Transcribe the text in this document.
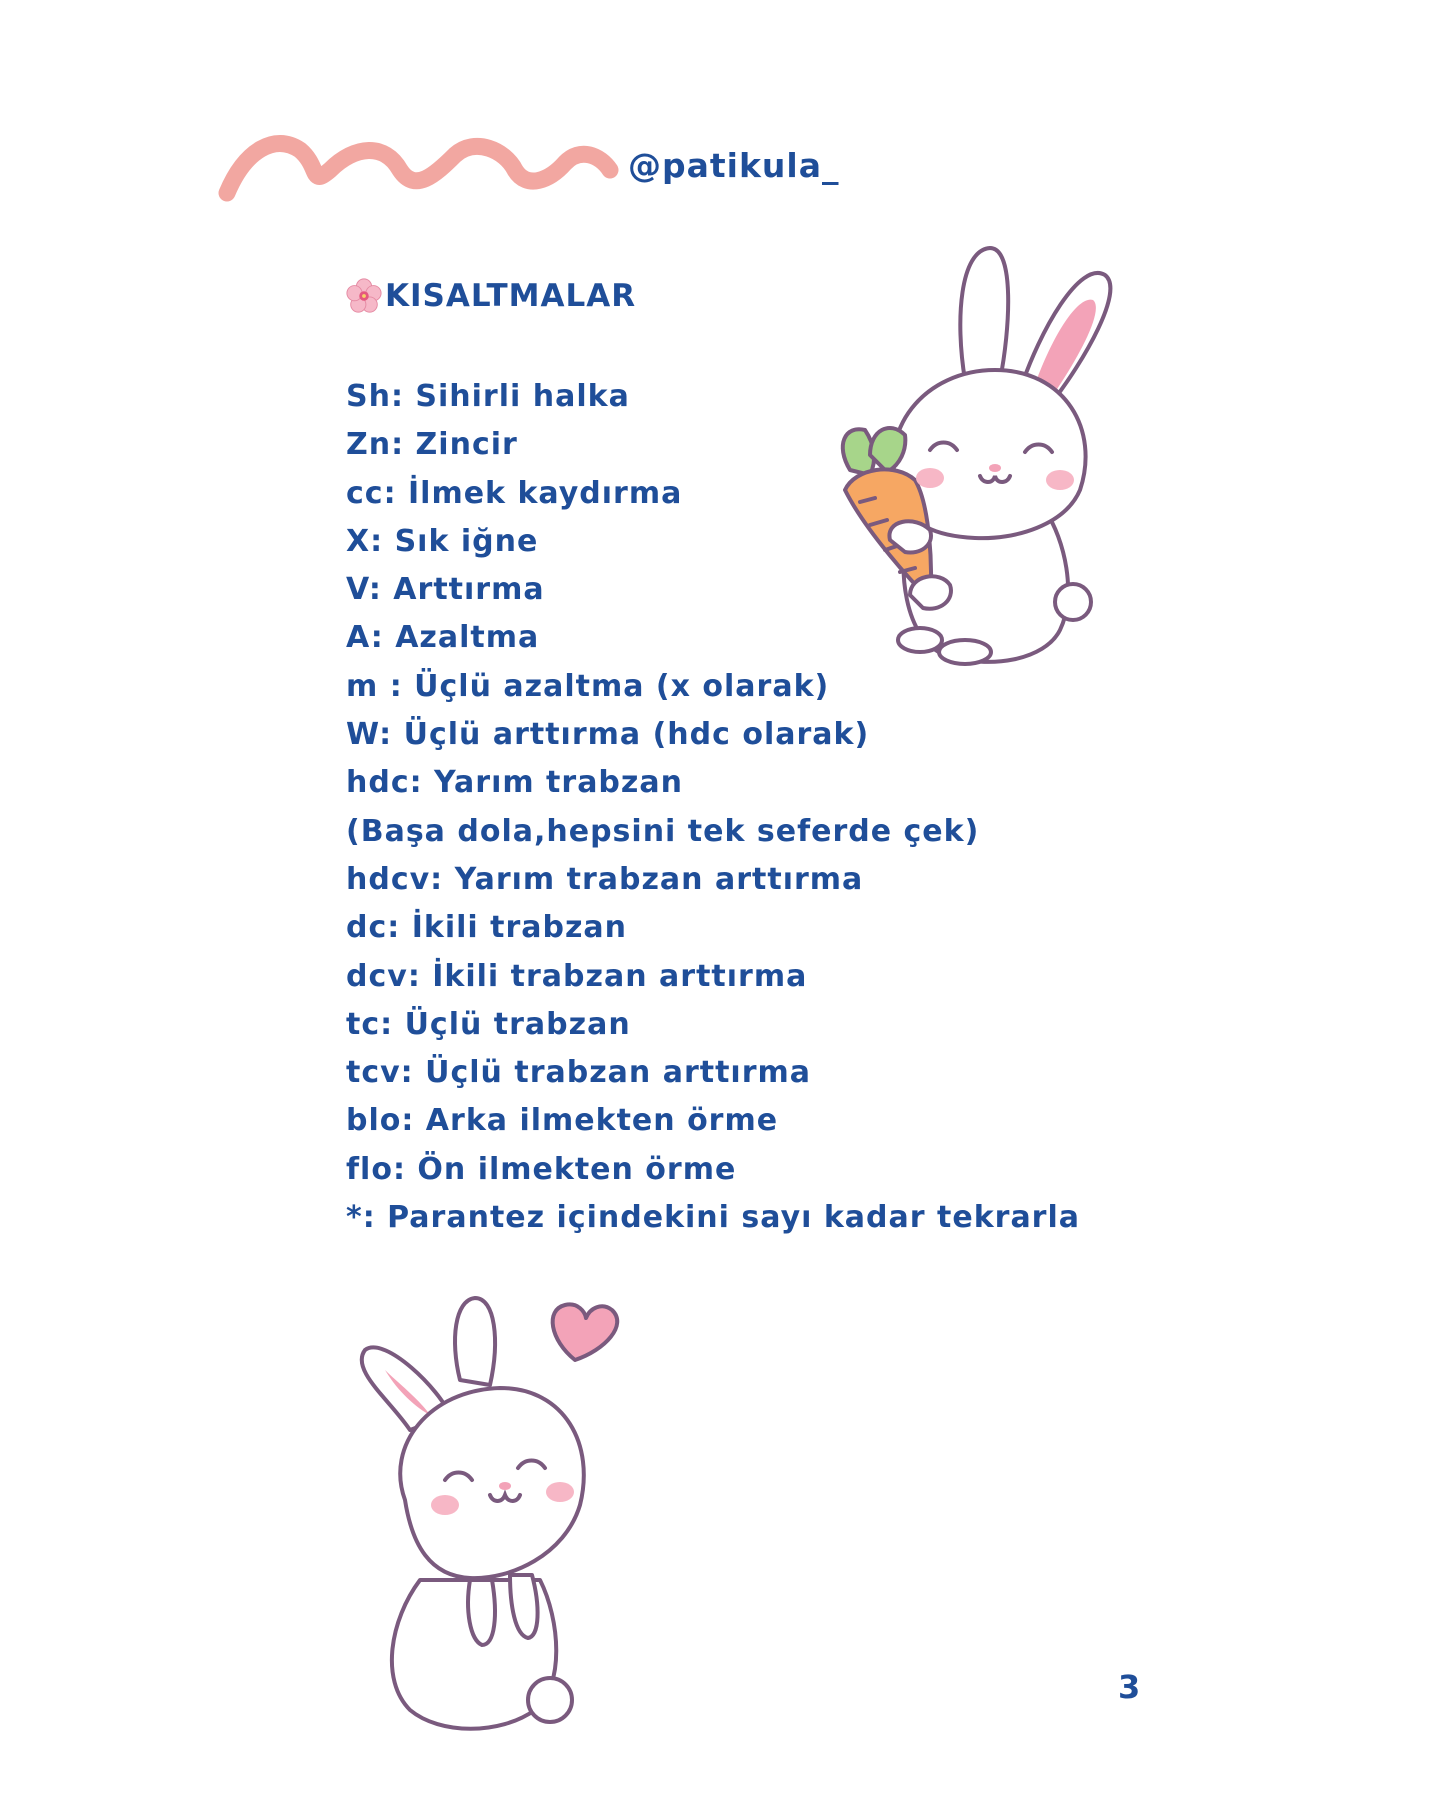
@patikula_
KISALTMALAR
Sh: Sihirli halka
Zn: Zincir
cc: İlmek kaydırma
X: Sık iğne
V: Arttırma
A: Azaltma
m : Üçlü azaltma (x olarak)
W: Üçlü arttırma (hdc olarak)
hdc: Yarım trabzan
(Başa dola,hepsini tek seferde çek)
hdcv: Yarım trabzan arttırma
dc: İkili trabzan
dcv: İkili trabzan arttırma
tc: Üçlü trabzan
tcv: Üçlü trabzan arttırma
blo: Arka ilmekten örme
flo: Ön ilmekten örme
*: Parantez içindekini sayı kadar tekrarla
3
